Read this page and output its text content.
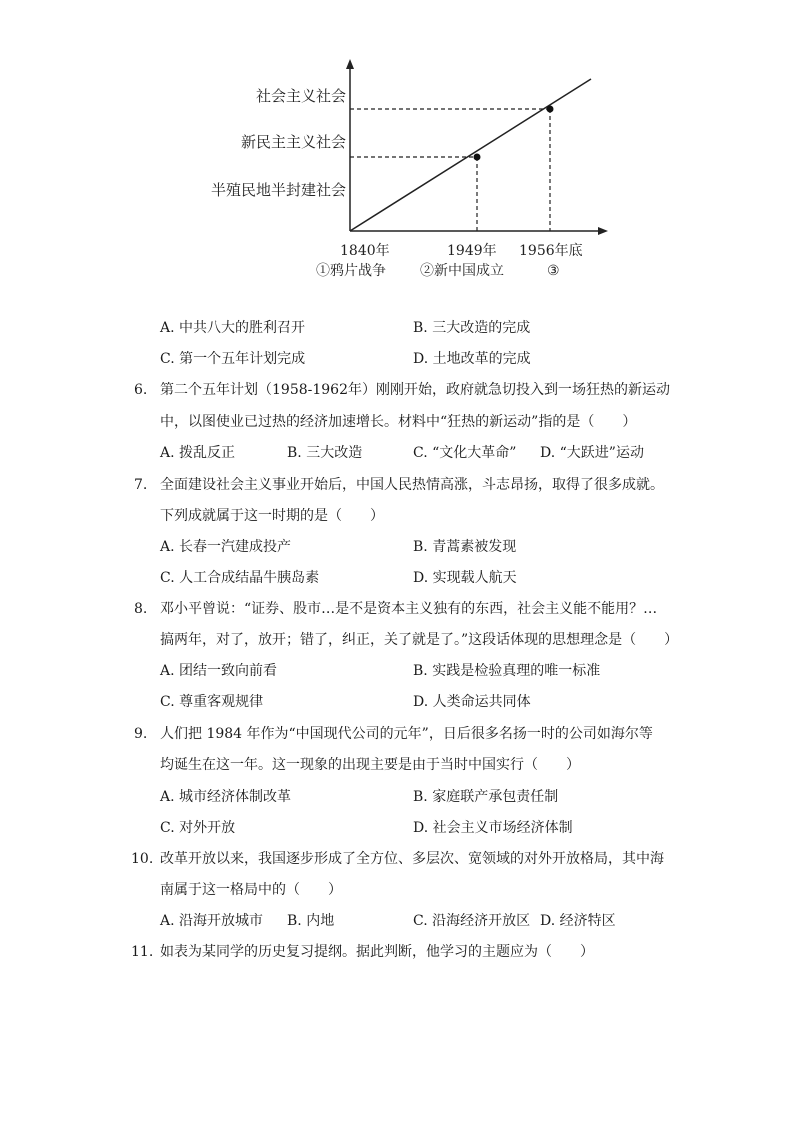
社会主义社会
新民主主义社会
半殖民地半封建社会
1840年	1949年 1956年底
①鸦片战争 ②新中国成立	③
A. 中共八大的胜利召开	B. 三大改造的完成
C. 第一个五年计划完成	D. 土地改革的完成
6. 第二个五年计划（1958-1962年）刚刚开始，政府就急切投入到一场狂热的新运动
中，以图使业已过热的经济加速增长。材料中“狂热的新运动”指的是（　　）
A. 拨乱反正	B. 三大改造	C. “文化大革命” D. “大跃进”运动
7. 全面建设社会主义事业开始后，中国人民热情高涨，斗志昂扬，取得了很多成就。
下列成就属于这一时期的是（　　）
A. 长春一汽建成投产	B. 青蒿素被发现
C. 人工合成结晶牛胰岛素	D. 实现载人航天
8. 邓小平曾说：“证券、股市…是不是资本主义独有的东西，社会主义能不能用？…
搞两年，对了，放开；错了，纠正，关了就是了。”这段话体现的思想理念是（　　）
A. 团结一致向前看	B. 实践是检验真理的唯一标准
C. 尊重客观规律	D. 人类命运共同体
9. 人们把 1984 年作为“中国现代公司的元年”，日后很多名扬一时的公司如海尔等
均诞生在这一年。这一现象的出现主要是由于当时中国实行（　　）
A. 城市经济体制改革	B. 家庭联产承包责任制
C. 对外开放	D. 社会主义市场经济体制
10. 改革开放以来，我国逐步形成了全方位、多层次、宽领域的对外开放格局，其中海
南属于这一格局中的（　　）
A. 沿海开放城市 B. 内地	C. 沿海经济开放区 D. 经济特区
11. 如表为某同学的历史复习提纲。据此判断，他学习的主题应为（　　）
